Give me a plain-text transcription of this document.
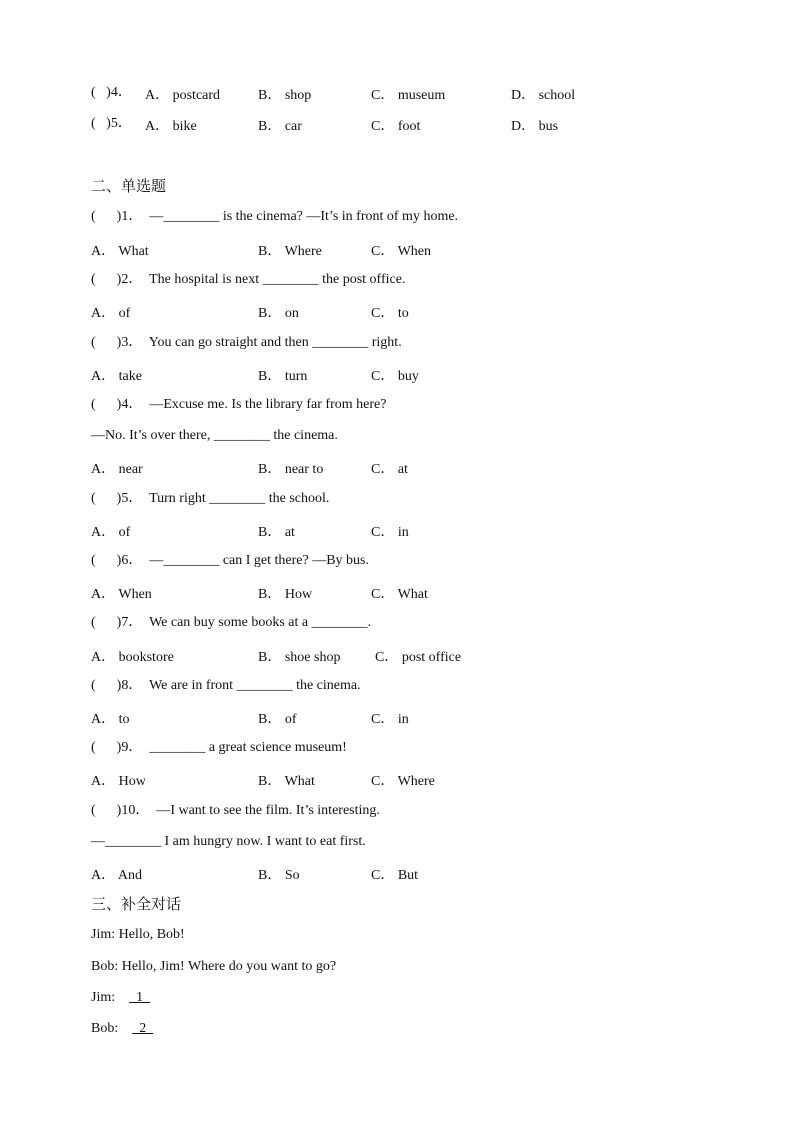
(   )4． A． postcard	B． shop	C． museum	D． school
(   )5． A． bike	B． car	C． foot	D． bus
二、单选题
(      )1．  —________ is the cinema? —It’s in front of my home.
A． What	B． Where	C． When
(      )2．  The hospital is next ________ the post office.
A． of	B． on	C． to
(      )3．  You can go straight and then ________ right.
A． take	B． turn	C． buy
(      )4．  —Excuse me. Is the library far from here?
—No. It’s over there, ________ the cinema.
A． near	B． near to	C． at
(      )5．  Turn right ________ the school.
A． of	B． at	C． in
(      )6．  —________ can I get there? —By bus.
A． When	B． How	C． What
(      )7．  We can buy some books at a ________.
A． bookstore	B． shoe shop C． post office
(      )8．  We are in front ________ the cinema.
A． to	B． of	C． in
(      )9．  ________ a great science museum!
A． How	B． What	C． Where
(      )10．  —I want to see the film. It’s interesting.
—________ I am hungry now. I want to eat first.
A． And	B． So	C． But
三、补全对话
Jim: Hello, Bob!
Bob: Hello, Jim! Where do you want to go?
Jim:  1
Bob:  2
